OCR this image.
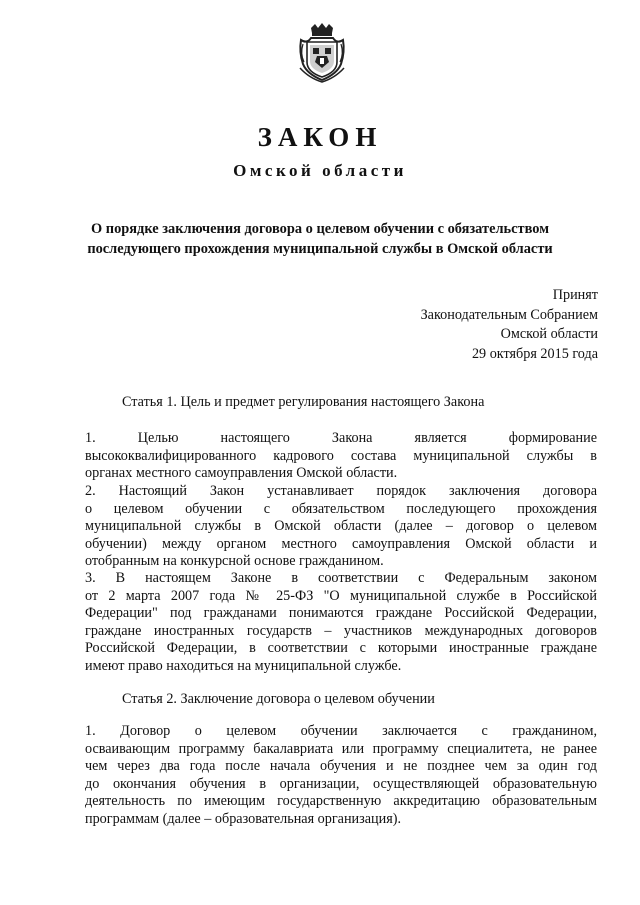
ЗАКОН
Омской области
О порядке заключения договора о целевом обучении с обязательством
последующего прохождения муниципальной службы в Омской области
Принят
Законодательным Собранием
Омской области
29 октября 2015 года
Статья 1. Цель и предмет регулирования настоящего Закона
1. Целью настоящего Закона является формирование
высококвалифицированного кадрового состава муниципальной службы в
органах местного самоуправления Омской области.
2. Настоящий Закон устанавливает порядок заключения договора
о целевом обучении с обязательством последующего прохождения
муниципальной службы в Омской области (далее – договор о целевом
обучении) между органом местного самоуправления Омской области и
отобранным на конкурсной основе гражданином.
3. В настоящем Законе в соответствии с Федеральным законом
от 2 марта 2007 года № 25-ФЗ "О муниципальной службе в Российской
Федерации" под гражданами понимаются граждане Российской Федерации,
граждане иностранных государств – участников международных договоров
Российской Федерации, в соответствии с которыми иностранные граждане
имеют право находиться на муниципальной службе.
Статья 2. Заключение договора о целевом обучении
1. Договор о целевом обучении заключается с гражданином,
осваивающим программу бакалавриата или программу специалитета, не ранее
чем через два года после начала обучения и не позднее чем за один год
до окончания обучения в организации, осуществляющей образовательную
деятельность по имеющим государственную аккредитацию образовательным
программам (далее – образовательная организация).
